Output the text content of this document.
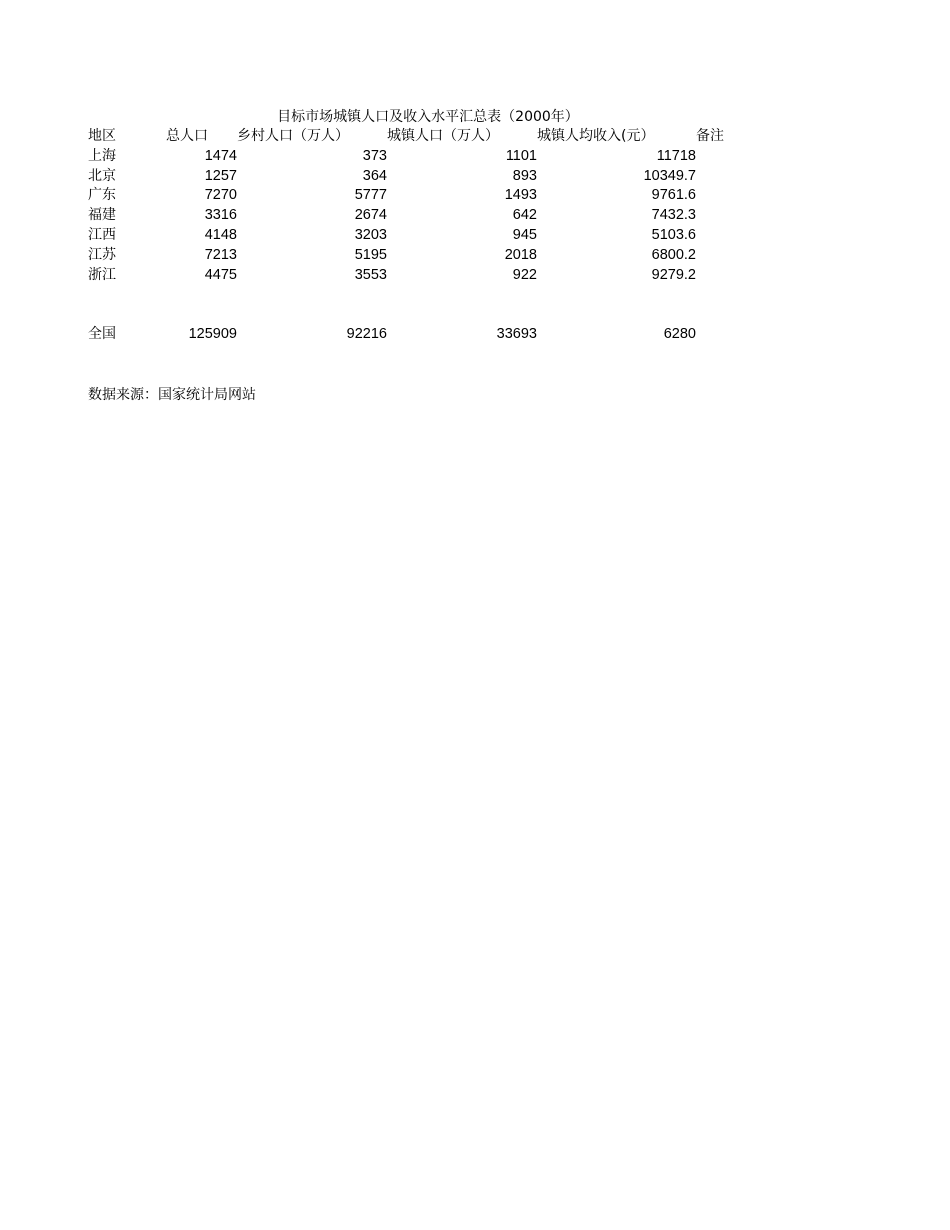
目标市场城镇人口及收入水平汇总表（2000年）
地区	总人口	乡村人口（万人）	城镇人口（万人）	城镇人均收入(元）	备注
上海	1474	373	1101	11718	
北京	1257	364	893	10349.7	
广东	7270	5777	1493	9761.6	
福建	3316	2674	642	7432.3	
江西	4148	3203	945	5103.6	
江苏	7213	5195	2018	6800.2	
浙江	4475	3553	922	9279.2	

全国	125909	92216	33693	6280	
数据来源：国家统计局网站
